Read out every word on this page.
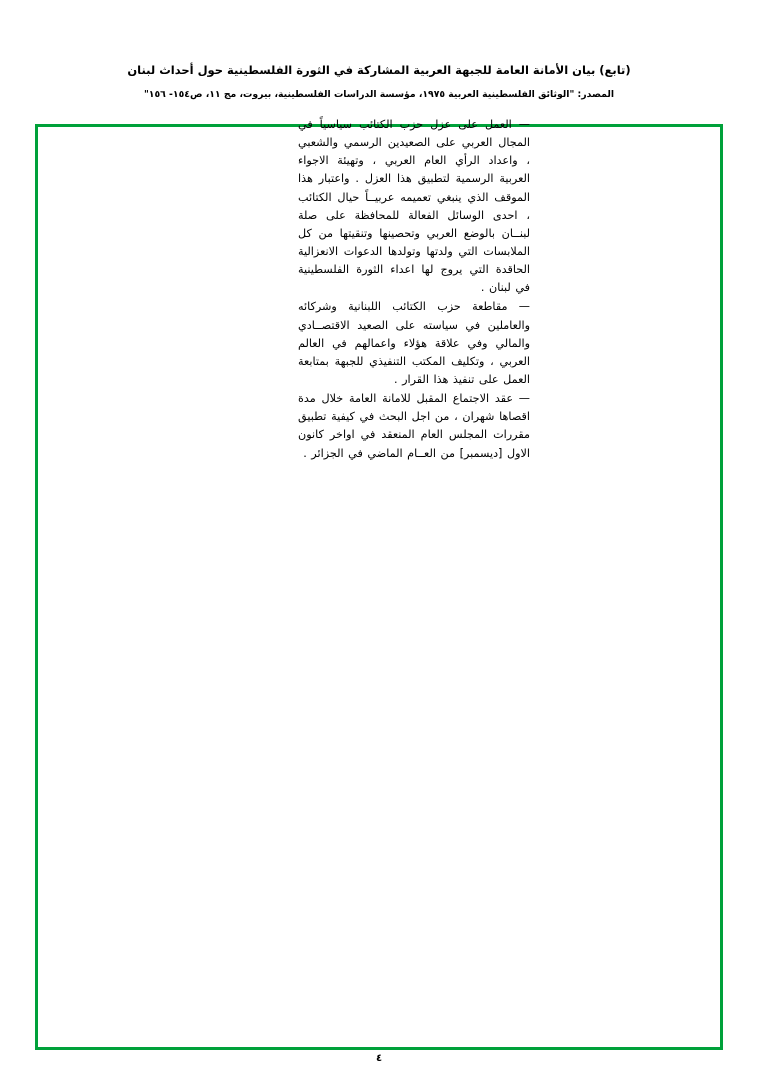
(تابع) بيان الأمانة العامة للجبهة العربية المشاركة في الثورة الفلسطينية حول أحداث لبنان
المصدر: "الوثائق الفلسطينية العربية ١٩٧٥، مؤسسة الدراسات الفلسطينية، بيروت، مج ١١، ص١٥٤- ١٥٦"

— العمل على عزل حزب الكتائب سياسياً في المجال العربي على الصعيدين الرسمي والشعبي ، واعداد الرأي العام العربي ، وتهيئة الاجواء العربية الرسمية لتطبيق هذا العزل . واعتبار هذا الموقف الذي ينبغي تعميمه عربيــاً حيال الكتائب ، احدى الوسائل الفعالة للمحافظة على صلة لبنــان بالوضع العربي وتحصينها وتنقيتها من كل الملابسات التي ولدتها وتولدها الدعوات الانعزالية الحاقدة التي يروج لها اعداء الثورة الفلسطينية في لبنان .

— مقاطعة حزب الكتائب اللبنانية وشركائه والعاملين في سياسته على الصعيد الاقتصــادي والمالي وفي علاقة هؤلاء واعمالهم في العالم العربي ، وتكليف المكتب التنفيذي للجبهة بمتابعة العمل على تنفيذ هذا القرار .

— عقد الاجتماع المقبل للامانة العامة خلال مدة اقصاها شهران ، من اجل البحث في كيفية تطبيق مقررات المجلس العام المنعقد في اواخر كانون الاول [ديسمبر] من العــام الماضي في الجزائر .

٤
